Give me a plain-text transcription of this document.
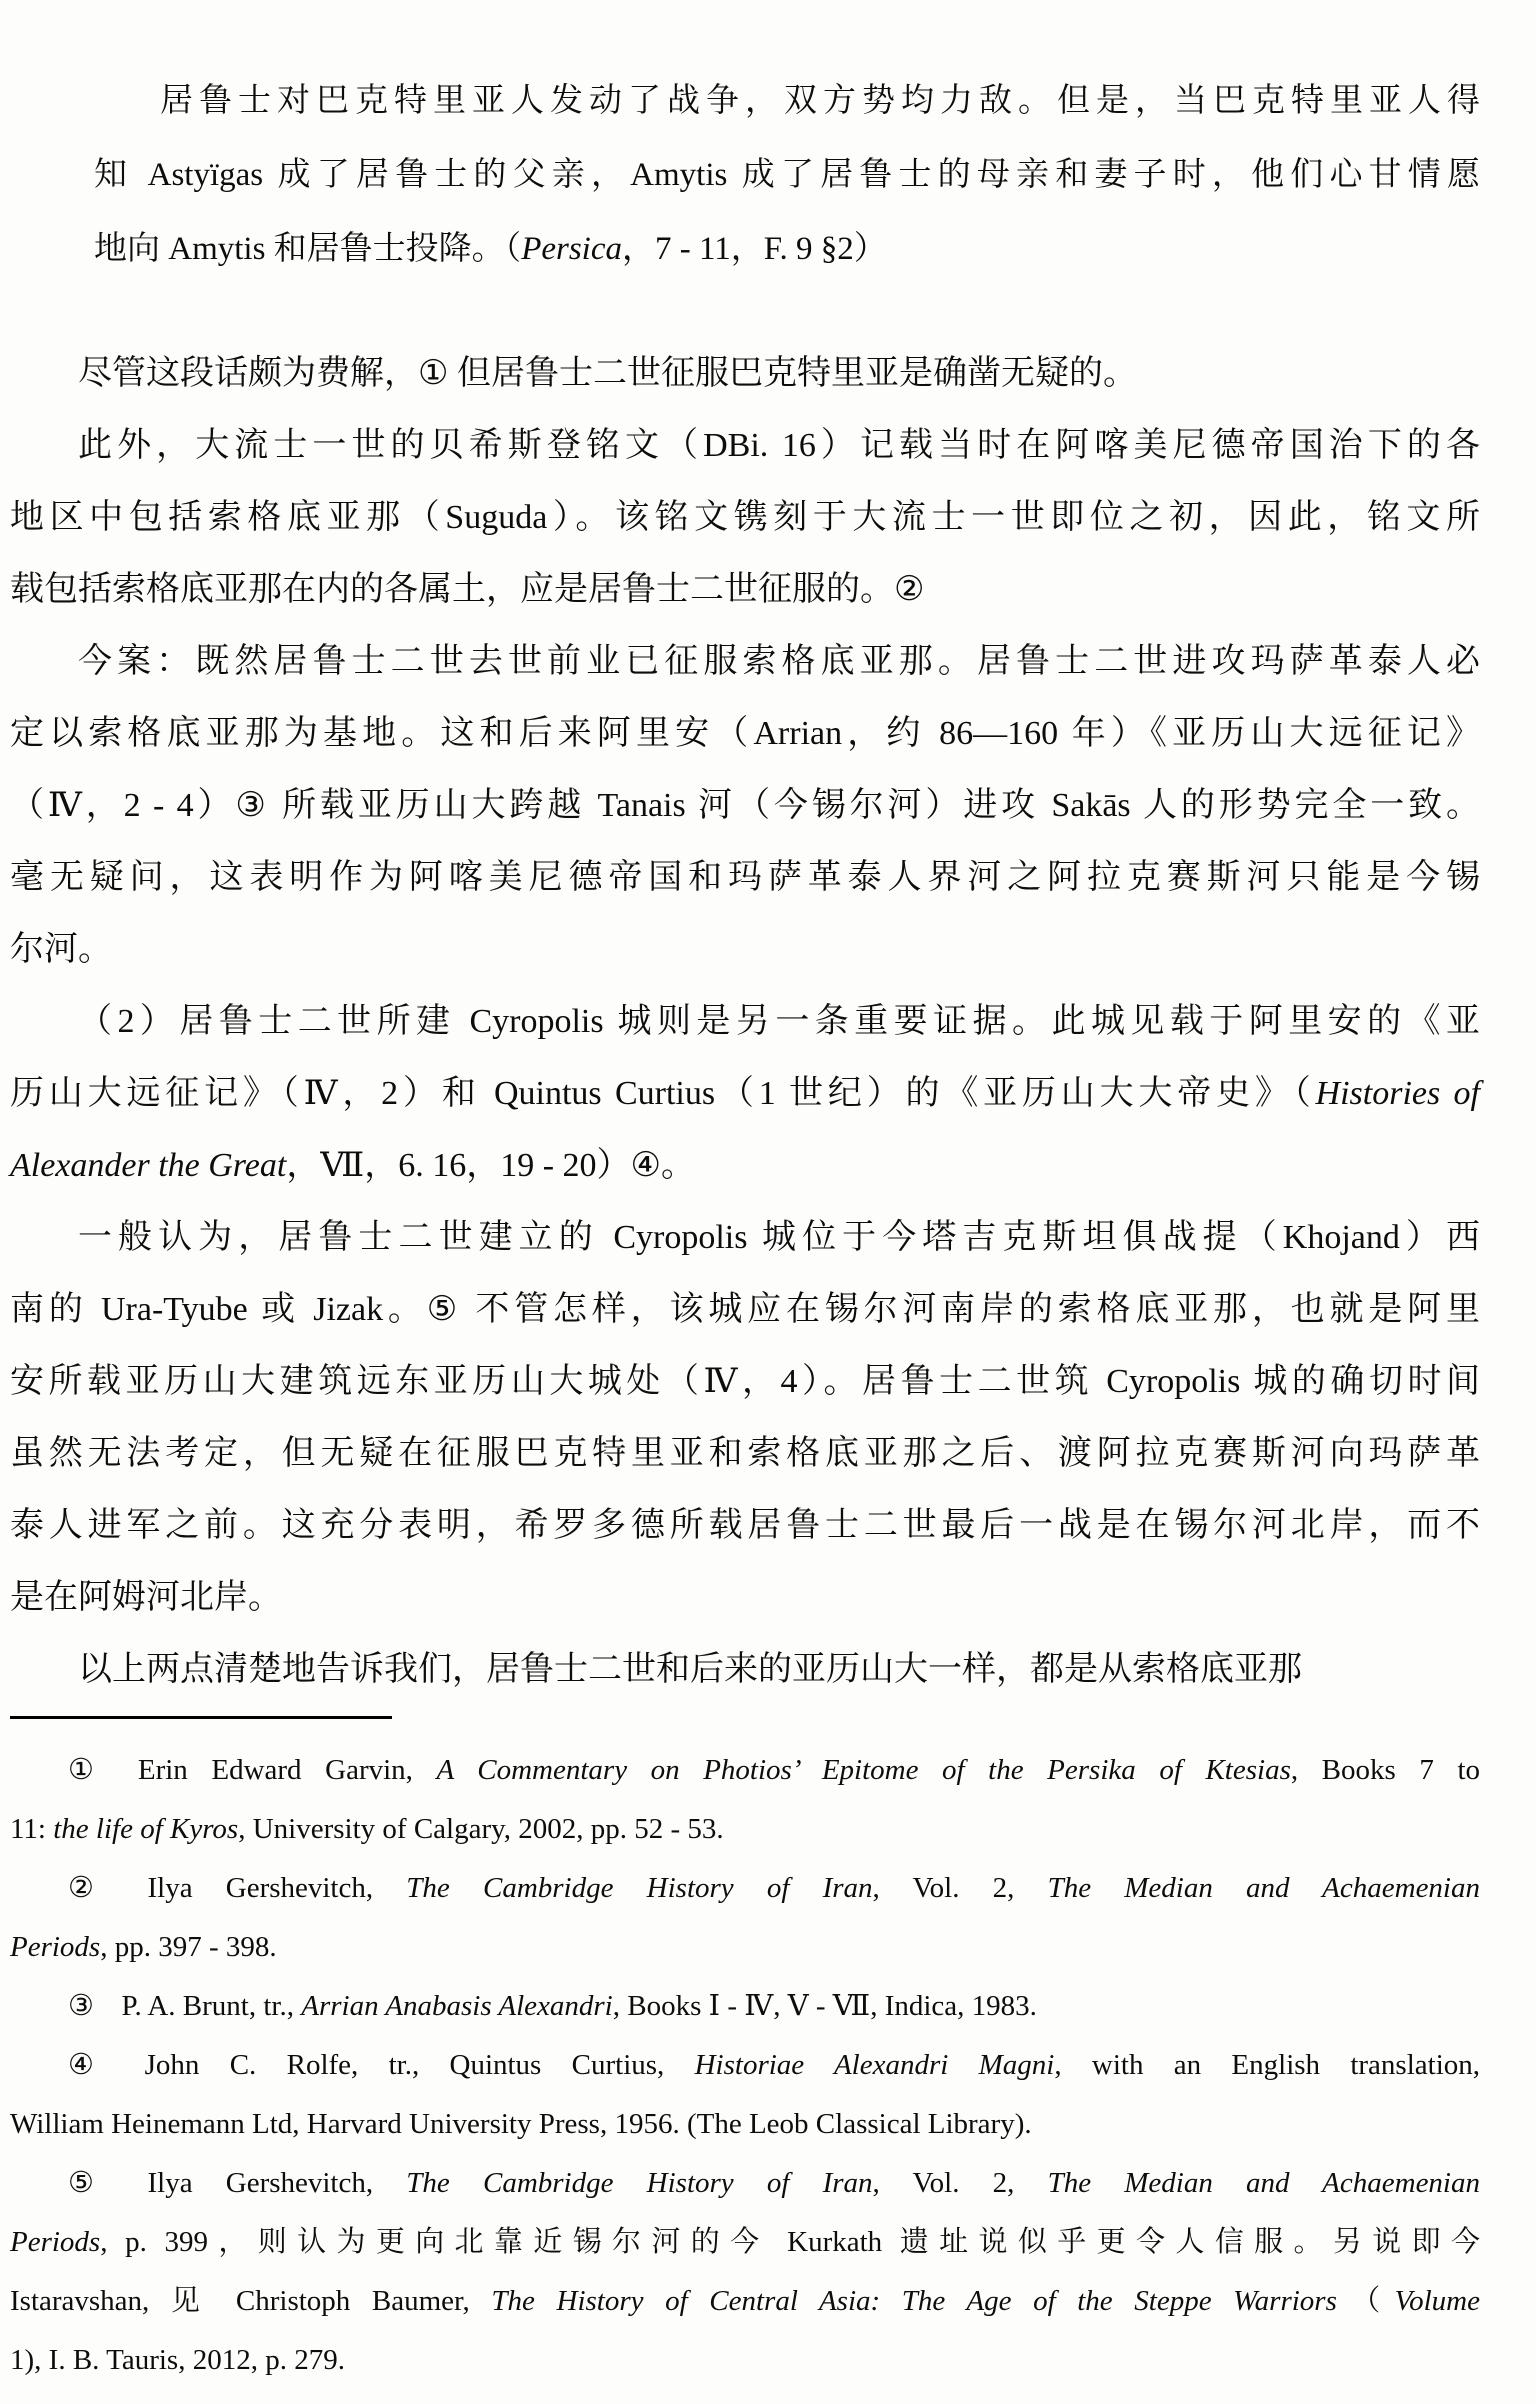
居鲁士对巴克特里亚人发动了战争，双方势均力敌。但是，当巴克特里亚人得
知 Astyïgas 成了居鲁士的父亲，Amytis 成了居鲁士的母亲和妻子时，他们心甘情愿
地向 Amytis 和居鲁士投降。（Persica，7 - 11，F. 9 §2）
尽管这段话颇为费解，① 但居鲁士二世征服巴克特里亚是确凿无疑的。
此外，大流士一世的贝希斯登铭文（DBi. 16）记载当时在阿喀美尼德帝国治下的各
地区中包括索格底亚那（Suguda）。该铭文镌刻于大流士一世即位之初，因此，铭文所
载包括索格底亚那在内的各属土，应是居鲁士二世征服的。②
今案：既然居鲁士二世去世前业已征服索格底亚那。居鲁士二世进攻玛萨革泰人必
定以索格底亚那为基地。这和后来阿里安（Arrian，约 86—160 年）《亚历山大远征记》
（Ⅳ，2 - 4）③ 所载亚历山大跨越 Tanais 河（今锡尔河）进攻 Sakās 人的形势完全一致。
毫无疑问，这表明作为阿喀美尼德帝国和玛萨革泰人界河之阿拉克赛斯河只能是今锡
尔河。
（2）居鲁士二世所建 Cyropolis 城则是另一条重要证据。此城见载于阿里安的《亚
历山大远征记》（Ⅳ，2）和 Quintus Curtius（1 世纪）的《亚历山大大帝史》（Histories of
Alexander the Great，Ⅶ，6. 16，19 - 20）④。
一般认为，居鲁士二世建立的 Cyropolis 城位于今塔吉克斯坦俱战提（Khojand）西
南的 Ura-Tyube 或 Jizak。⑤ 不管怎样，该城应在锡尔河南岸的索格底亚那，也就是阿里
安所载亚历山大建筑远东亚历山大城处（Ⅳ，4）。居鲁士二世筑 Cyropolis 城的确切时间
虽然无法考定，但无疑在征服巴克特里亚和索格底亚那之后、渡阿拉克赛斯河向玛萨革
泰人进军之前。这充分表明，希罗多德所载居鲁士二世最后一战是在锡尔河北岸，而不
是在阿姆河北岸。
以上两点清楚地告诉我们，居鲁士二世和后来的亚历山大一样，都是从索格底亚那
① Erin Edward Garvin, A Commentary on Photios’ Epitome of the Persika of Ktesias, Books 7 to
11: the life of Kyros, University of Calgary, 2002, pp. 52 - 53.
② Ilya Gershevitch, The Cambridge History of Iran, Vol. 2, The Median and Achaemenian
Periods, pp. 397 - 398.
③ P. A. Brunt, tr., Arrian Anabasis Alexandri, Books Ⅰ - Ⅳ, Ⅴ - Ⅶ, Indica, 1983.
④ John C. Rolfe, tr., Quintus Curtius, Historiae Alexandri Magni, with an English translation,
William Heinemann Ltd, Harvard University Press, 1956. (The Leob Classical Library).
⑤ Ilya Gershevitch, The Cambridge History of Iran, Vol. 2, The Median and Achaemenian
Periods, p. 399，则认为更向北靠近锡尔河的今 Kurkath 遗址说似乎更令人信服。另说即今
Istaravshan, 见 Christoph Baumer, The History of Central Asia: The Age of the Steppe Warriors（Volume
1), I. B. Tauris, 2012, p. 279.
